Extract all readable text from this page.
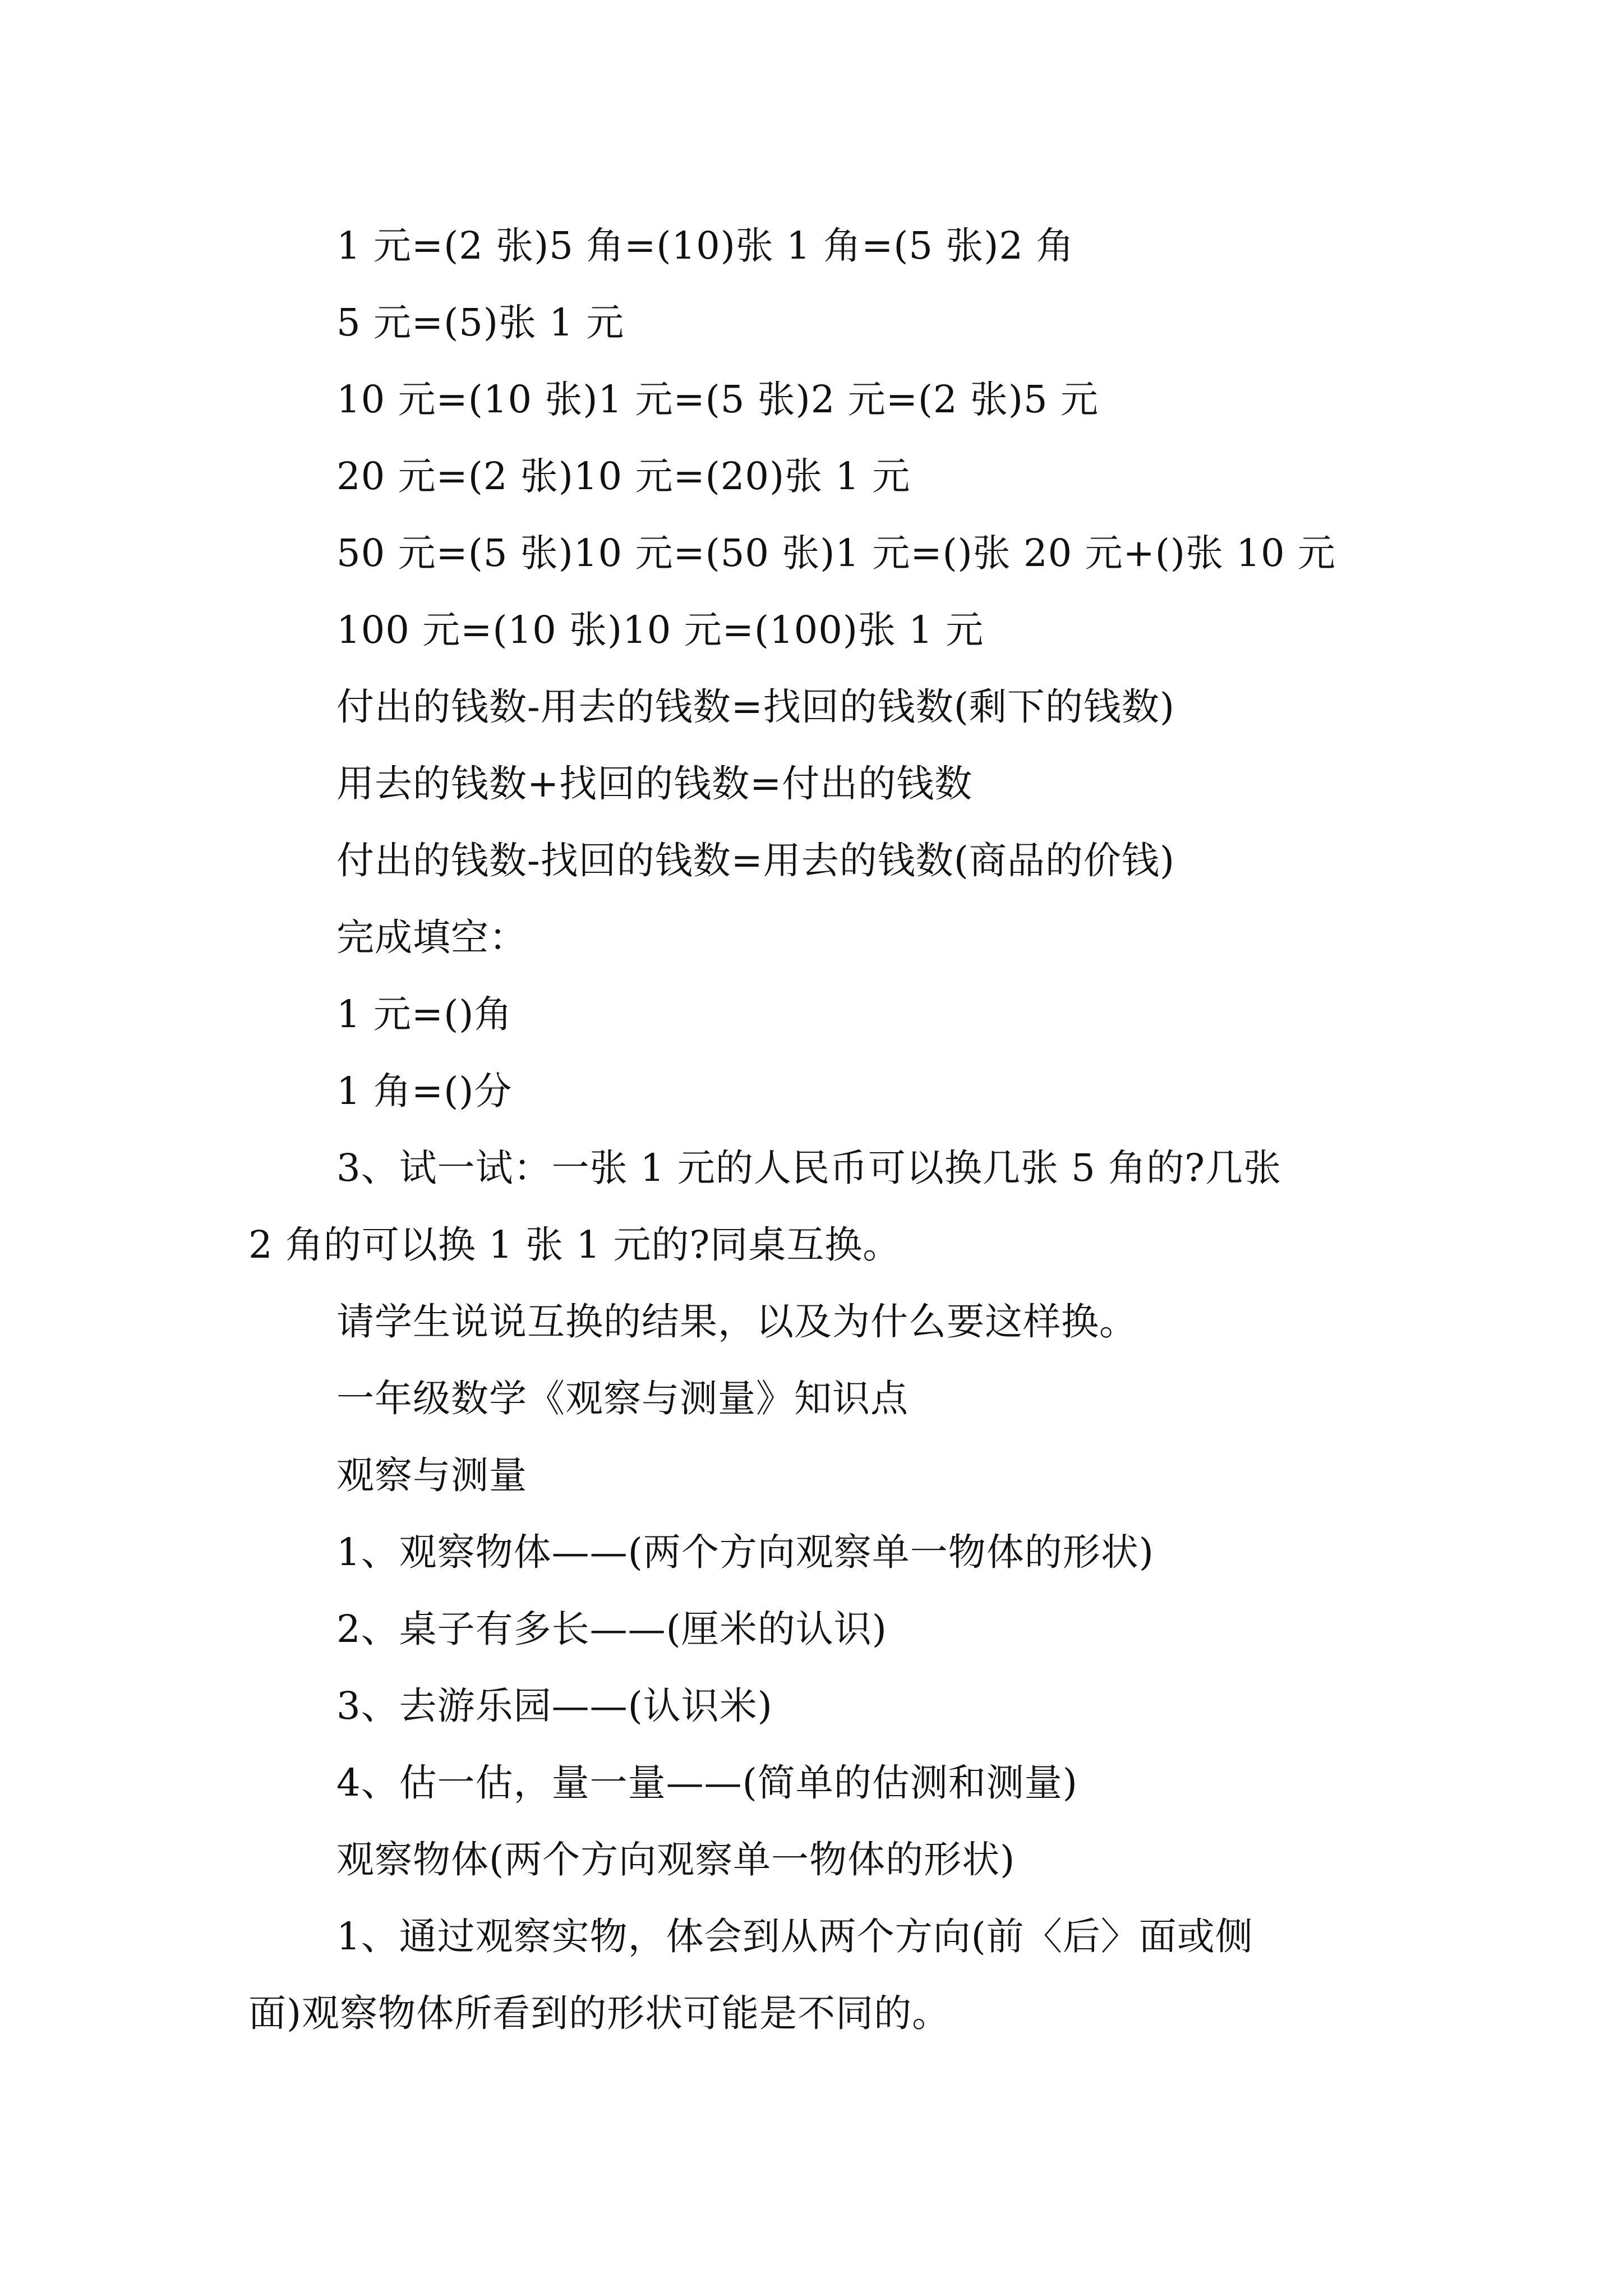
1 元=(2 张)5 角=(10)张 1 角=(5 张)2 角
5 元=(5)张 1 元
10 元=(10 张)1 元=(5 张)2 元=(2 张)5 元
20 元=(2 张)10 元=(20)张 1 元
50 元=(5 张)10 元=(50 张)1 元=()张 20 元+()张 10 元
100 元=(10 张)10 元=(100)张 1 元
付出的钱数-用去的钱数=找回的钱数(剩下的钱数)
用去的钱数+找回的钱数=付出的钱数
付出的钱数-找回的钱数=用去的钱数(商品的价钱)
完成填空：
1 元=()角
1 角=()分
3、试一试：一张 1 元的人民币可以换几张 5 角的?几张
2 角的可以换 1 张 1 元的?同桌互换。
请学生说说互换的结果，以及为什么要这样换。
一年级数学《观察与测量》知识点
观察与测量
1、观察物体——(两个方向观察单一物体的形状)
2、桌子有多长——(厘米的认识)
3、去游乐园——(认识米)
4、估一估，量一量——(简单的估测和测量)
观察物体(两个方向观察单一物体的形状)
1、通过观察实物，体会到从两个方向(前〈后〉面或侧
面)观察物体所看到的形状可能是不同的。
